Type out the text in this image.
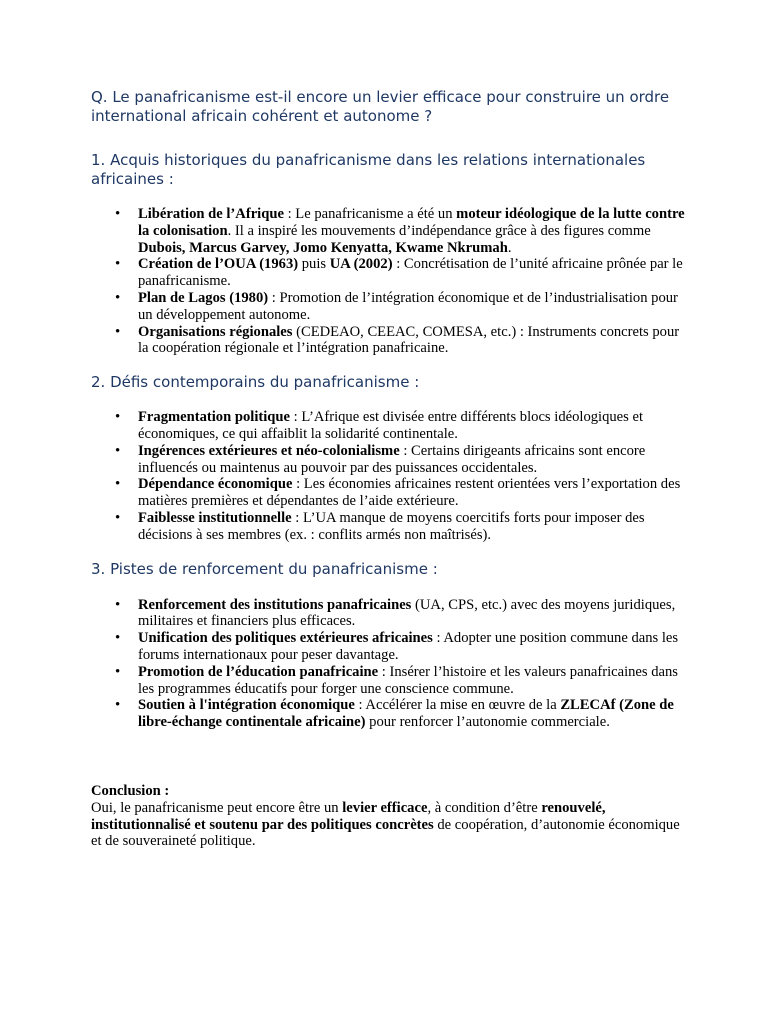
Q. Le panafricanisme est-il encore un levier efficace pour construire un ordre international africain cohérent et autonome ?

1. Acquis historiques du panafricanisme dans les relations internationales africaines :

• Libération de l’Afrique : Le panafricanisme a été un moteur idéologique de la lutte contre la colonisation. Il a inspiré les mouvements d’indépendance grâce à des figures comme Dubois, Marcus Garvey, Jomo Kenyatta, Kwame Nkrumah.
• Création de l’OUA (1963) puis UA (2002) : Concrétisation de l’unité africaine prônée par le panafricanisme.
• Plan de Lagos (1980) : Promotion de l’intégration économique et de l’industrialisation pour un développement autonome.
• Organisations régionales (CEDEAO, CEEAC, COMESA, etc.) : Instruments concrets pour la coopération régionale et l’intégration panafricaine.

2. Défis contemporains du panafricanisme :

• Fragmentation politique : L’Afrique est divisée entre différents blocs idéologiques et économiques, ce qui affaiblit la solidarité continentale.
• Ingérences extérieures et néo-colonialisme : Certains dirigeants africains sont encore influencés ou maintenus au pouvoir par des puissances occidentales.
• Dépendance économique : Les économies africaines restent orientées vers l’exportation des matières premières et dépendantes de l’aide extérieure.
• Faiblesse institutionnelle : L’UA manque de moyens coercitifs forts pour imposer des décisions à ses membres (ex. : conflits armés non maîtrisés).

3. Pistes de renforcement du panafricanisme :

• Renforcement des institutions panafricaines (UA, CPS, etc.) avec des moyens juridiques, militaires et financiers plus efficaces.
• Unification des politiques extérieures africaines : Adopter une position commune dans les forums internationaux pour peser davantage.
• Promotion de l’éducation panafricaine : Insérer l’histoire et les valeurs panafricaines dans les programmes éducatifs pour forger une conscience commune.
• Soutien à l'intégration économique : Accélérer la mise en œuvre de la ZLECAf (Zone de libre-échange continentale africaine) pour renforcer l’autonomie commerciale.
Conclusion :
Oui, le panafricanisme peut encore être un levier efficace, à condition d’être renouvelé, institutionnalisé et soutenu par des politiques concrètes de coopération, d’autonomie économique et de souveraineté politique.
